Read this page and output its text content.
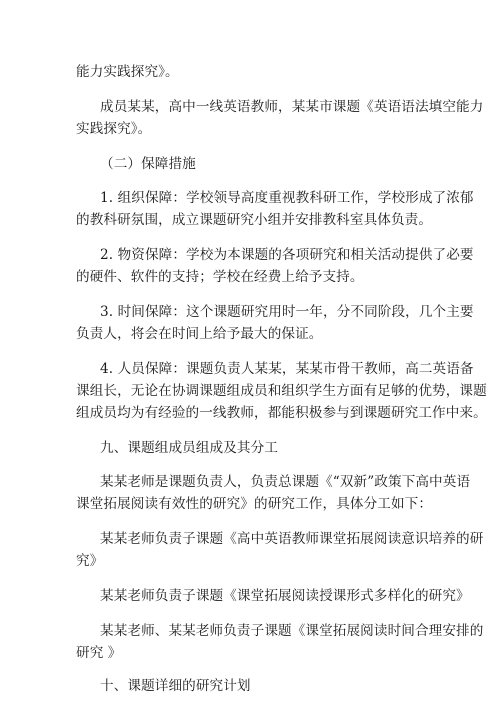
能力实践探究》。
成员某某，高中一线英语教师，某某市课题《英语语法填空能力
实践探究》。
（二）保障措施
1. 组织保障：学校领导高度重视教科研工作，学校形成了浓郁
的教科研氛围，成立课题研究小组并安排教科室具体负责。
2. 物资保障：学校为本课题的各项研究和相关活动提供了必要
的硬件、软件的支持；学校在经费上给予支持。
3. 时间保障：这个课题研究用时一年，分不同阶段，几个主要
负责人，将会在时间上给予最大的保证。
4. 人员保障：课题负责人某某，某某市骨干教师，高二英语备
课组长，无论在协调课题组成员和组织学生方面有足够的优势，课题
组成员均为有经验的一线教师，都能积极参与到课题研究工作中来。
九、课题组成员组成及其分工
某某老师是课题负责人，负责总课题《“双新”政策下高中英语
课堂拓展阅读有效性的研究》的研究工作，具体分工如下：
某某老师负责子课题《高中英语教师课堂拓展阅读意识培养的研
究》
某某老师负责子课题《课堂拓展阅读授课形式多样化的研究》
某某老师、某某老师负责子课题《课堂拓展阅读时间合理安排的
研究 》
十、课题详细的研究计划
